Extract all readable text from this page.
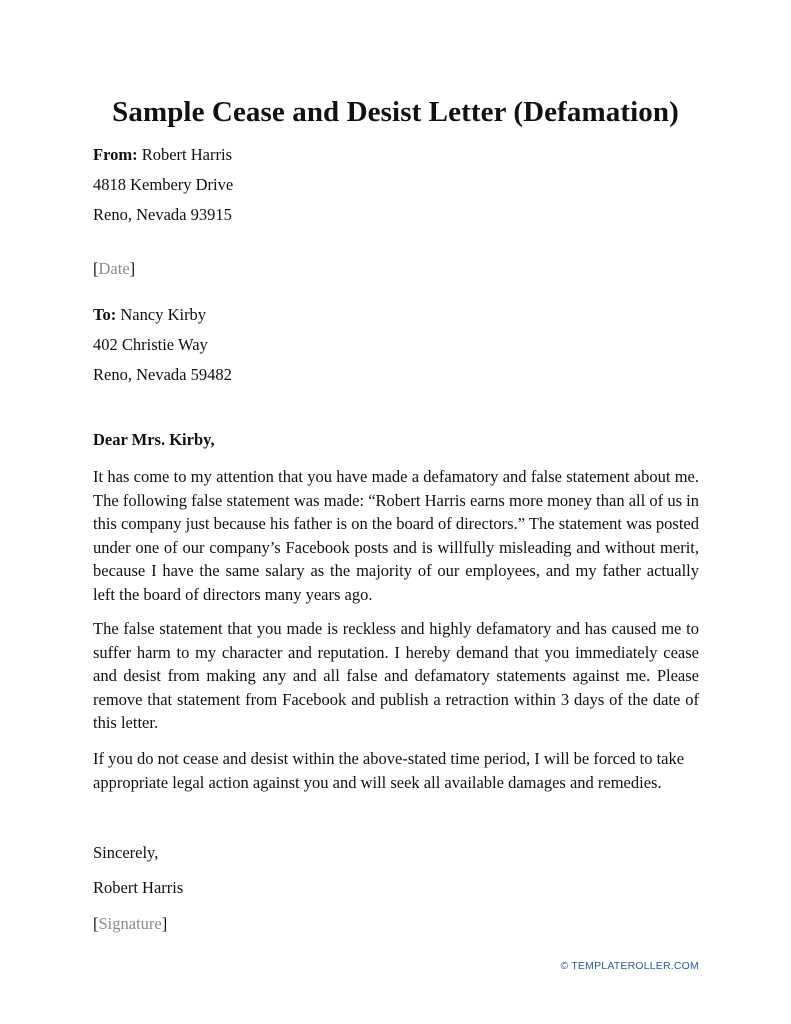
Sample Cease and Desist Letter (Defamation)
From: Robert Harris
4818 Kembery Drive
Reno, Nevada 93915
[Date]
To: Nancy Kirby
402 Christie Way
Reno, Nevada 59482
Dear Mrs. Kirby,
It has come to my attention that you have made a defamatory and false statement about me. The following false statement was made: “Robert Harris earns more money than all of us in this company just because his father is on the board of directors.” The statement was posted under one of our company’s Facebook posts and is willfully misleading and without merit, because I have the same salary as the majority of our employees, and my father actually left the board of directors many years ago.
The false statement that you made is reckless and highly defamatory and has caused me to suffer harm to my character and reputation. I hereby demand that you immediately cease and desist from making any and all false and defamatory statements against me. Please remove that statement from Facebook and publish a retraction within 3 days of the date of this letter.
If you do not cease and desist within the above-stated time period, I will be forced to take appropriate legal action against you and will seek all available damages and remedies.
Sincerely,
Robert Harris
[Signature]
© TEMPLATEROLLER.COM
